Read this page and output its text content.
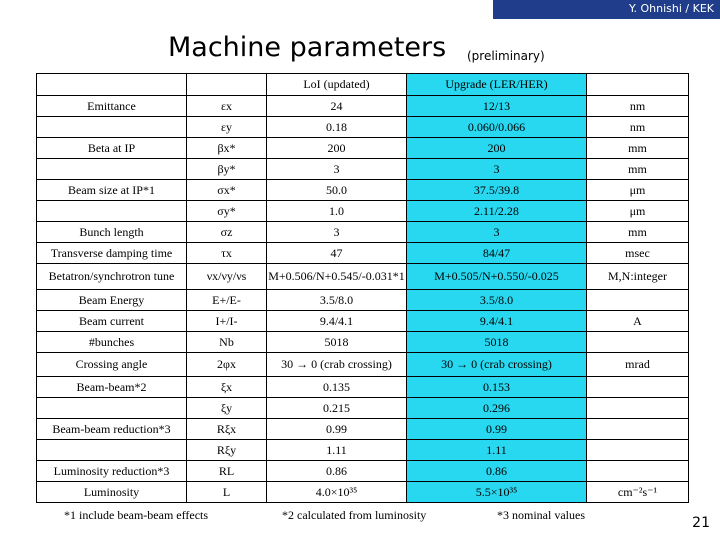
Y. Ohnishi / KEK
Machine parameters (preliminary)
		LoI (updated)	Upgrade (LER/HER)	
Emittance	εx	24	12/13	nm
	εy	0.18	0.060/0.066	nm
Beta at IP	βx*	200	200	mm
	βy*	3	3	mm
Beam size at IP*1	σx*	50.0	37.5/39.8	μm
	σy*	1.0	2.11/2.28	μm
Bunch length	σz	3	3	mm
Transverse damping time	τx	47	84/47	msec
Betatron/synchrotron tune	νx/νy/νs	M+0.506/N+0.545/-0.031*1	M+0.505/N+0.550/-0.025	M,N:integer
Beam Energy	E+/E-	3.5/8.0	3.5/8.0	
Beam current	I+/I-	9.4/4.1	9.4/4.1	A
#bunches	Nb	5018	5018	
Crossing angle	2φx	30 → 0 (crab crossing)	30 → 0 (crab crossing)	mrad
Beam-beam*2	ξx	0.135	0.153	
	ξy	0.215	0.296	
Beam-beam reduction*3	Rξx	0.99	0.99	
	Rξy	1.11	1.11	
Luminosity reduction*3	RL	0.86	0.86	
Luminosity	L	4.0×10³⁵	5.5×10³⁵	cm⁻²s⁻¹
*1 include beam-beam effects	*2 calculated from luminosity	*3 nominal values	21
